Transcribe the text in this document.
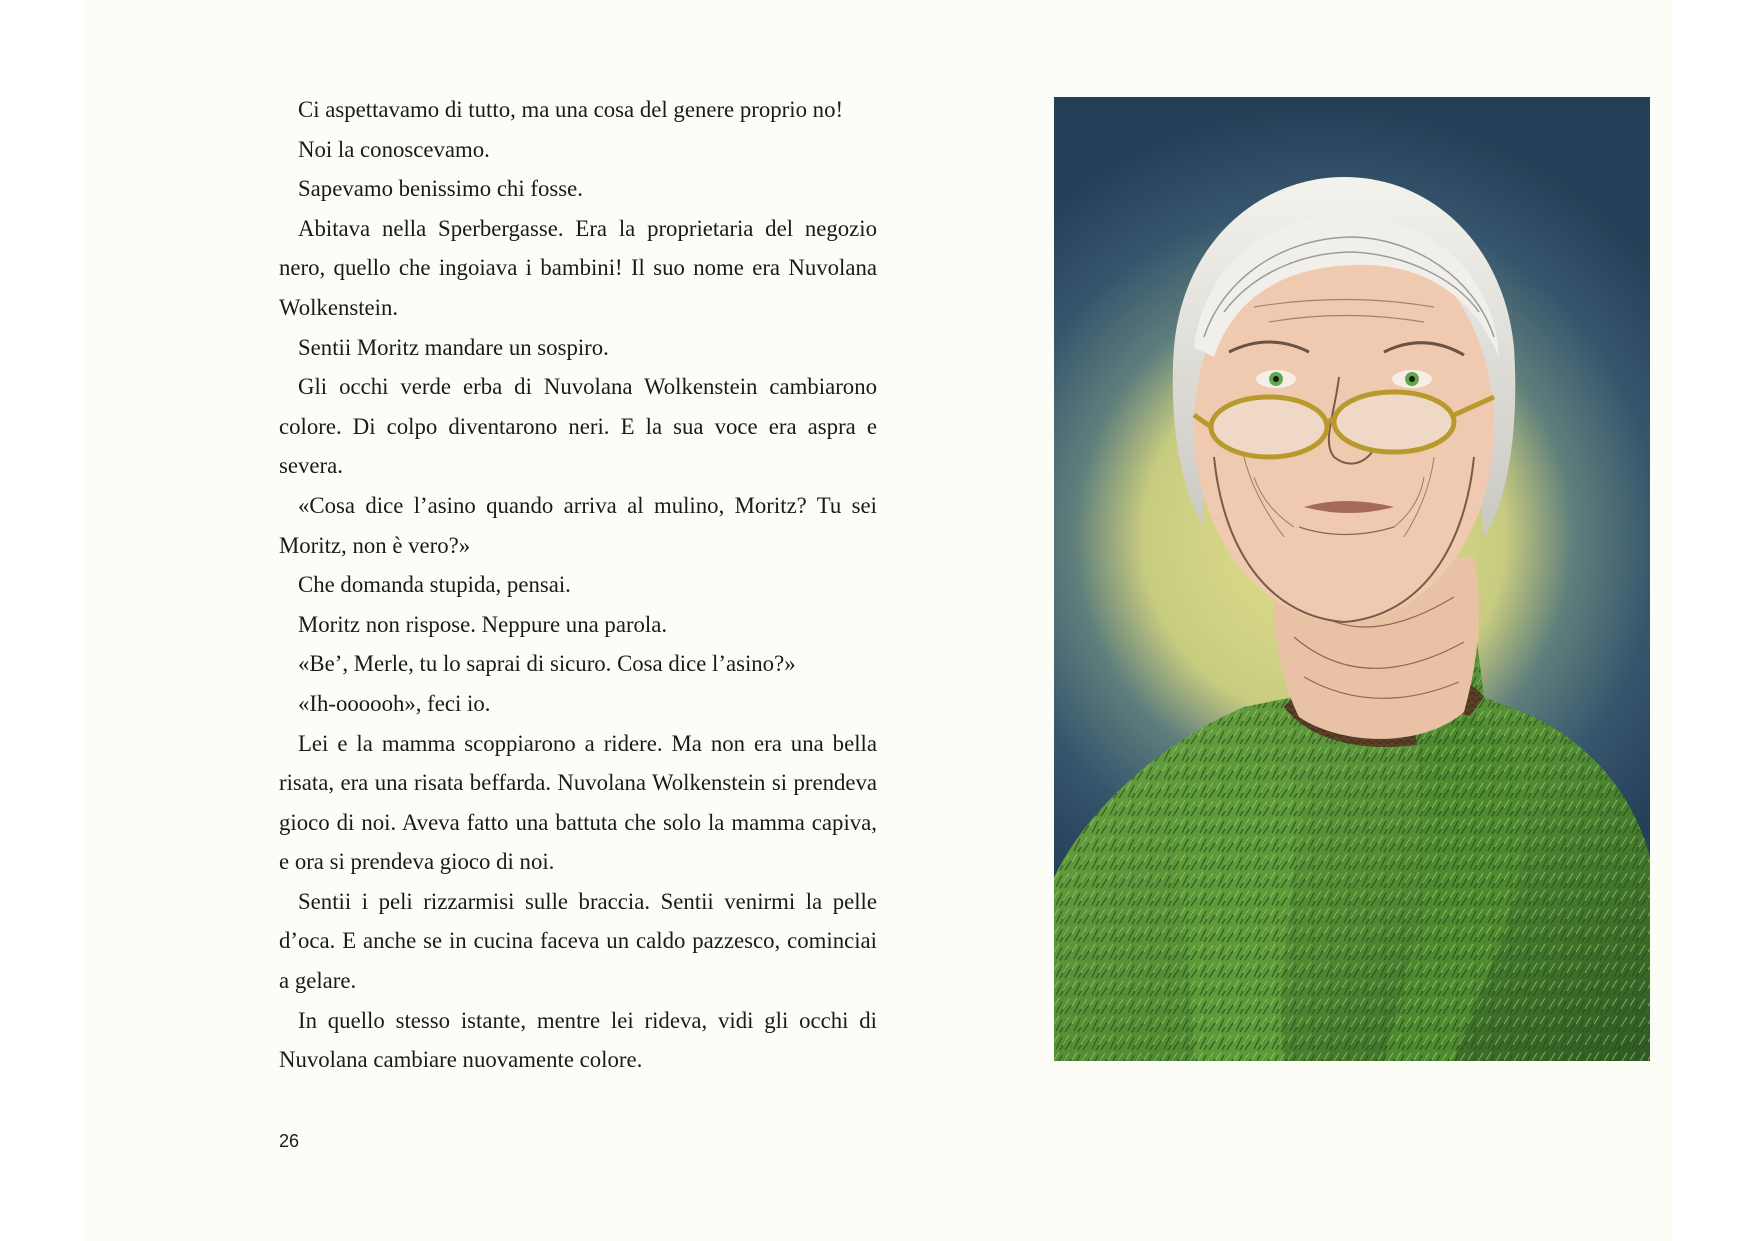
Ci aspettavamo di tutto, ma una cosa del genere proprio no!

Noi la conoscevamo.

Sapevamo benissimo chi fosse.

Abitava nella Sperbergasse. Era la proprietaria del negozio nero, quello che ingoiava i bambini! Il suo nome era Nuvolana Wolkenstein.

Sentii Moritz mandare un sospiro.

Gli occhi verde erba di Nuvolana Wolkenstein cambiarono colore. Di colpo diventarono neri. E la sua voce era aspra e severa.

«Cosa dice l’asino quando arriva al mulino, Moritz? Tu sei Moritz, non è vero?»

Che domanda stupida, pensai.

Moritz non rispose. Neppure una parola.

«Be’, Merle, tu lo saprai di sicuro. Cosa dice l’asino?»

«Ih-oooooh», feci io.

Lei e la mamma scoppiarono a ridere. Ma non era una bella risata, era una risata beffarda. Nuvolana Wolkenstein si prendeva gioco di noi. Aveva fatto una battuta che solo la mamma capiva, e ora si prendeva gioco di noi.

Sentii i peli rizzarmisi sulle braccia. Sentii venirmi la pelle d’oca. E anche se in cucina faceva un caldo pazzesco, cominciai a gelare.

In quello stesso istante, mentre lei rideva, vidi gli occhi di Nuvolana cambiare nuovamente colore.

26
